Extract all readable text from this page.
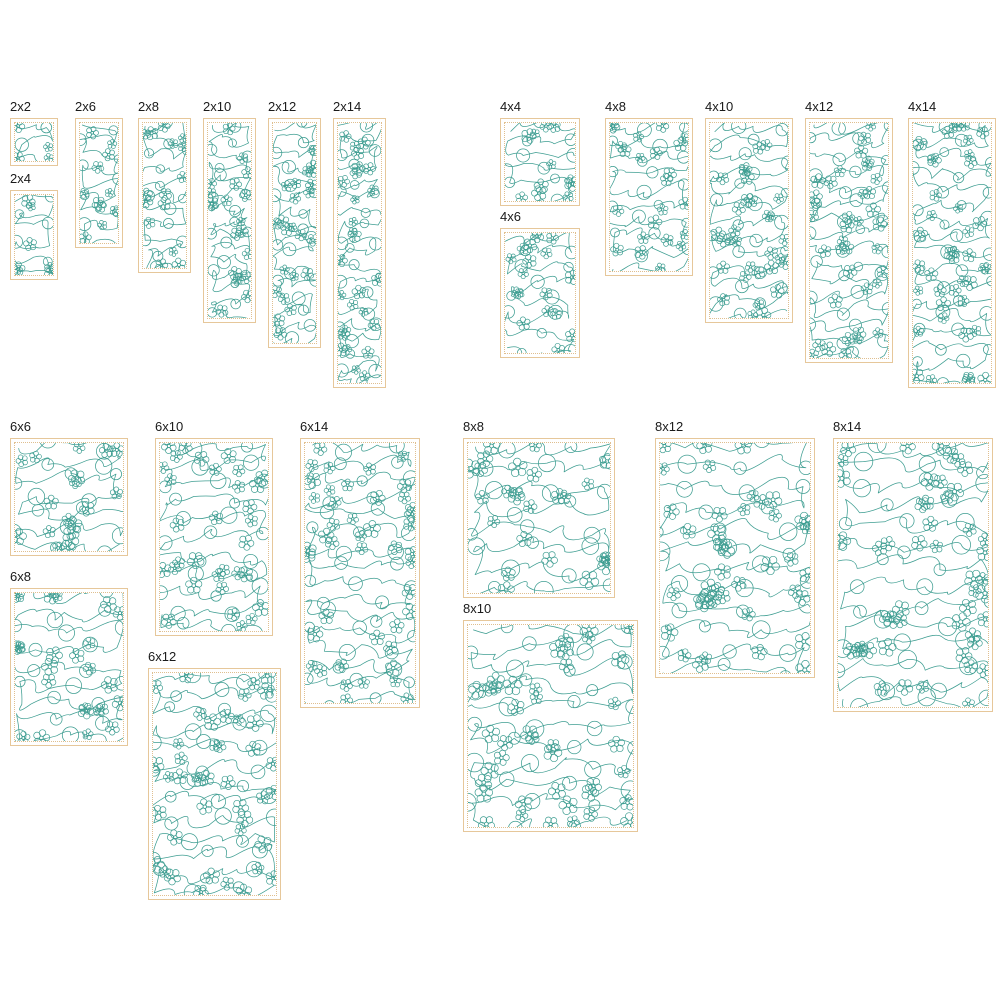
2x2
2x4
2x6	2x8	2x10	2x12	2x14	4x4
4x6
4x8	4x10	4x12	4x14
6x6
6x8
6x10
6x12
6x14	8x8
8x10
8x12	8x14
